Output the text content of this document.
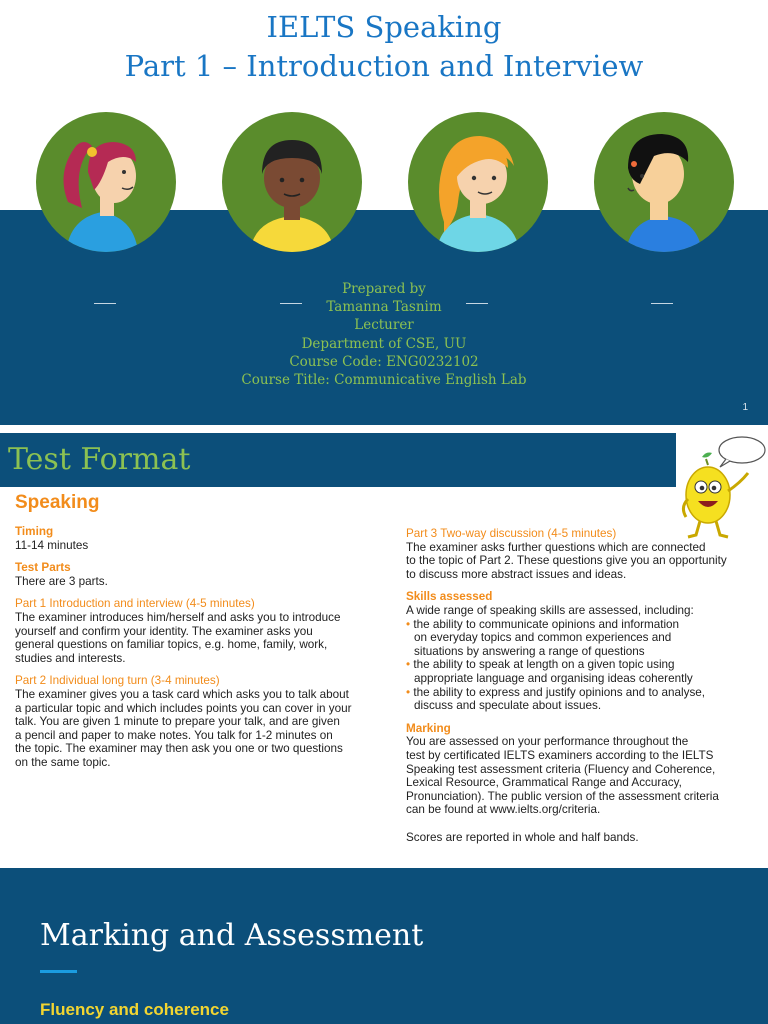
IELTS Speaking
Part 1 – Introduction and Interview
Prepared by
Tamanna Tasnim
Lecturer
Department of CSE, UU
Course Code: ENG0232102
Course Title: Communicative English Lab
1
Test Format
Speaking
Timing
11-14 minutes
Test Parts
There are 3 parts.
Part 1 Introduction and interview (4-5 minutes)
The examiner introduces him/herself and asks you to introduce
yourself and confirm your identity. The examiner asks you
general questions on familiar topics, e.g. home, family, work,
studies and interests.
Part 2 Individual long turn (3-4 minutes)
The examiner gives you a task card which asks you to talk about
a particular topic and which includes points you can cover in your
talk. You are given 1 minute to prepare your talk, and are given
a pencil and paper to make notes. You talk for 1-2 minutes on
the topic. The examiner may then ask you one or two questions
on the same topic.
Part 3 Two-way discussion (4-5 minutes)
The examiner asks further questions which are connected
to the topic of Part 2. These questions give you an opportunity
to discuss more abstract issues and ideas.
Skills assessed
A wide range of speaking skills are assessed, including:
• the ability to communicate opinions and information
on everyday topics and common experiences and
situations by answering a range of questions
• the ability to speak at length on a given topic using
appropriate language and organising ideas coherently
• the ability to express and justify opinions and to analyse,
discuss and speculate about issues.
Marking
You are assessed on your performance throughout the
test by certificated IELTS examiners according to the IELTS
Speaking test assessment criteria (Fluency and Coherence,
Lexical Resource, Grammatical Range and Accuracy,
Pronunciation). The public version of the assessment criteria
can be found at www.ielts.org/criteria.
Scores are reported in whole and half bands.
Marking and Assessment
Fluency and coherence
